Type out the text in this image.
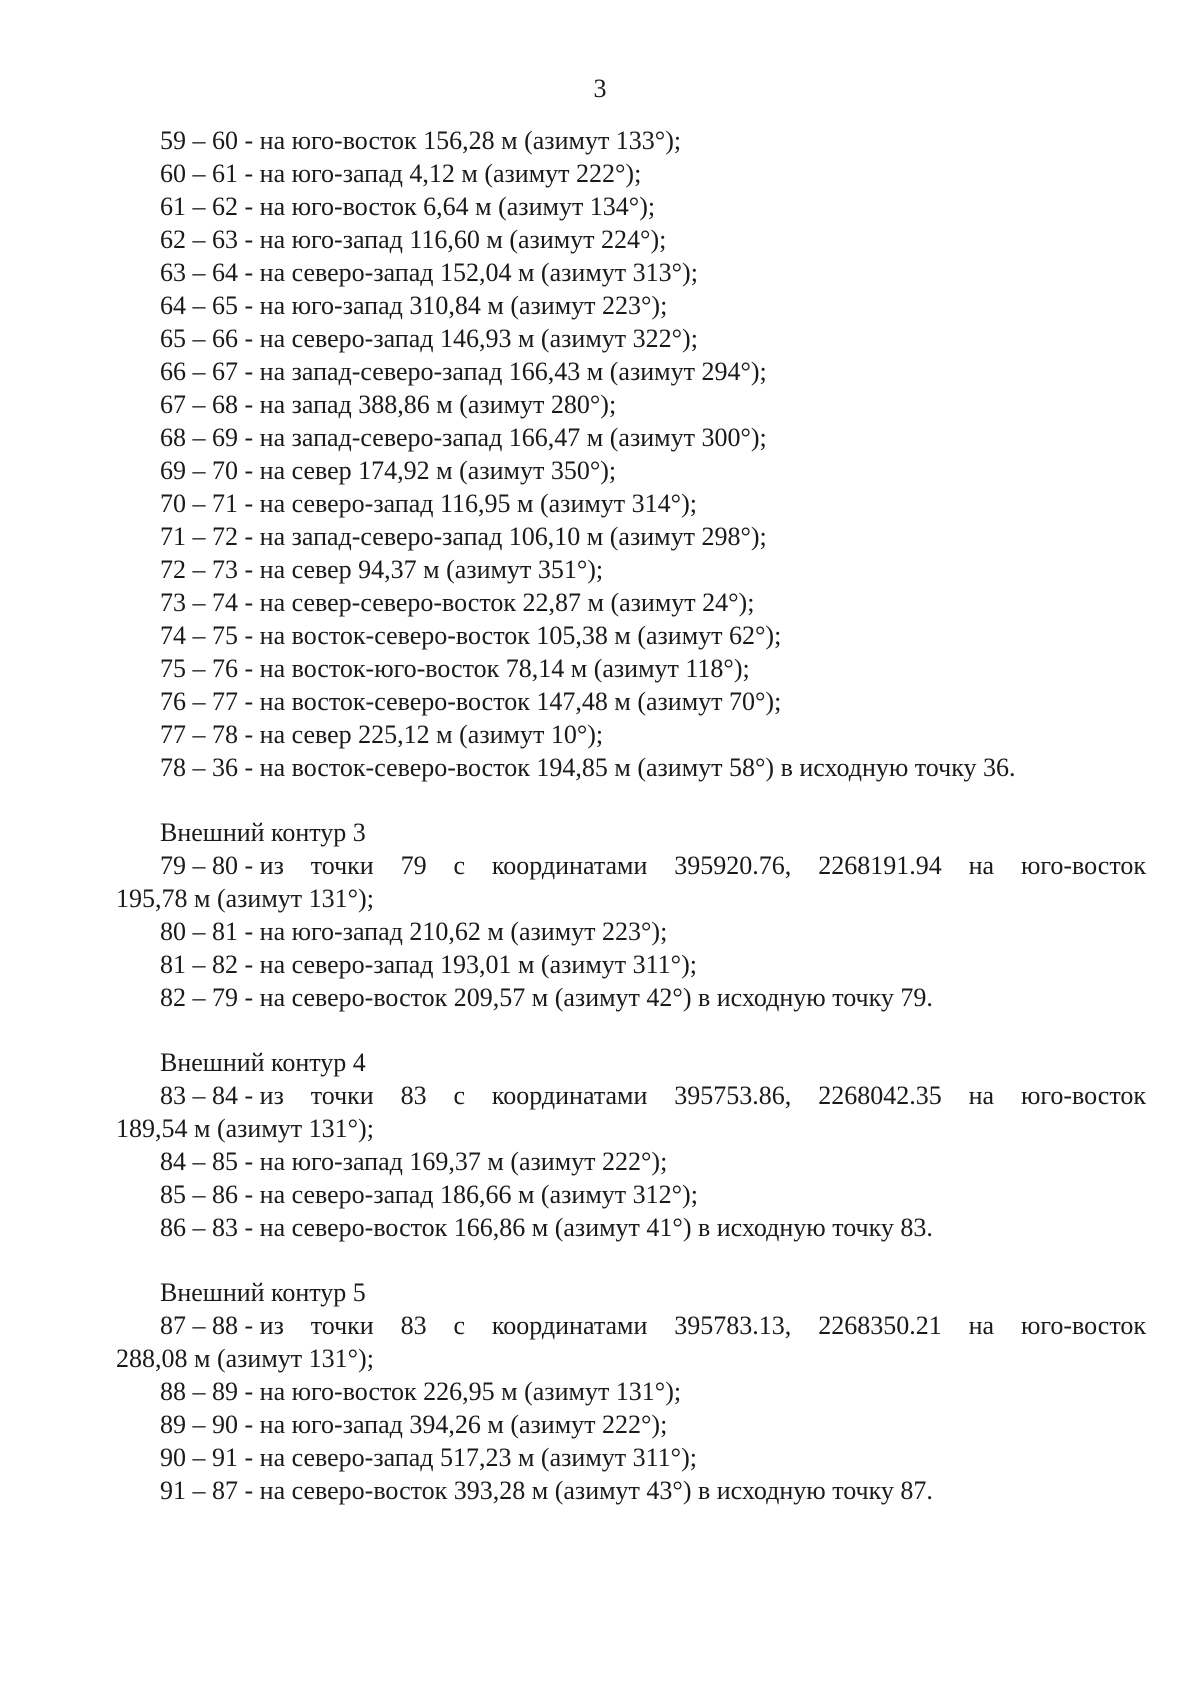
3
59 – 60 - на юго-восток 156,28 м (азимут 133°);
60 – 61 - на юго-запад 4,12 м (азимут 222°);
61 – 62 - на юго-восток 6,64 м (азимут 134°);
62 – 63 - на юго-запад 116,60 м (азимут 224°);
63 – 64 - на северо-запад 152,04 м (азимут 313°);
64 – 65 - на юго-запад 310,84 м (азимут 223°);
65 – 66 - на северо-запад 146,93 м (азимут 322°);
66 – 67 - на запад-северо-запад 166,43 м (азимут 294°);
67 – 68 - на запад 388,86 м (азимут 280°);
68 – 69 - на запад-северо-запад 166,47 м (азимут 300°);
69 – 70 - на север 174,92 м (азимут 350°);
70 – 71 - на северо-запад 116,95 м (азимут 314°);
71 – 72 - на запад-северо-запад 106,10 м (азимут 298°);
72 – 73 - на север 94,37 м (азимут 351°);
73 – 74 - на север-северо-восток 22,87 м (азимут 24°);
74 – 75 - на восток-северо-восток 105,38 м (азимут 62°);
75 – 76 - на восток-юго-восток 78,14 м (азимут 118°);
76 – 77 - на восток-северо-восток 147,48 м (азимут 70°);
77 – 78 - на север 225,12 м (азимут 10°);
78 – 36 - на восток-северо-восток 194,85 м (азимут 58°) в исходную точку 36.
Внешний контур 3
79 – 80 - из точки 79 с координатами 395920.76, 2268191.94 на юго-восток
195,78 м (азимут 131°);
80 – 81 - на юго-запад 210,62 м (азимут 223°);
81 – 82 - на северо-запад 193,01 м (азимут 311°);
82 – 79 - на северо-восток 209,57 м (азимут 42°) в исходную точку 79.
Внешний контур 4
83 – 84 - из точки 83 с координатами 395753.86, 2268042.35 на юго-восток
189,54 м (азимут 131°);
84 – 85 - на юго-запад 169,37 м (азимут 222°);
85 – 86 - на северо-запад 186,66 м (азимут 312°);
86 – 83 - на северо-восток 166,86 м (азимут 41°) в исходную точку 83.
Внешний контур 5
87 – 88 - из точки 83 с координатами 395783.13, 2268350.21 на юго-восток
288,08 м (азимут 131°);
88 – 89 - на юго-восток 226,95 м (азимут 131°);
89 – 90 - на юго-запад 394,26 м (азимут 222°);
90 – 91 - на северо-запад 517,23 м (азимут 311°);
91 – 87 - на северо-восток 393,28 м (азимут 43°) в исходную точку 87.
